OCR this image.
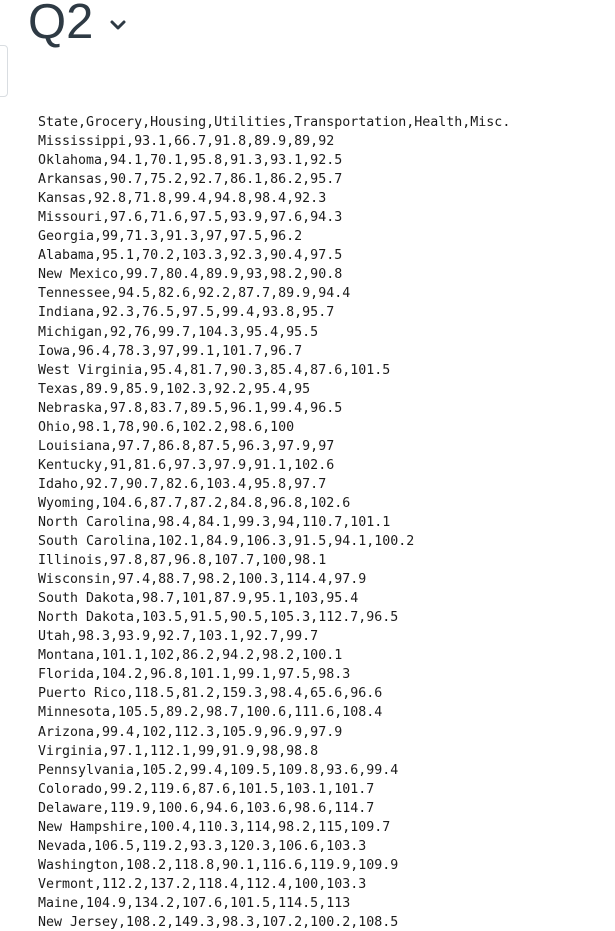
Q2
State,Grocery,Housing,Utilities,Transportation,Health,Misc.
Mississippi,93.1,66.7,91.8,89.9,89,92
Oklahoma,94.1,70.1,95.8,91.3,93.1,92.5
Arkansas,90.7,75.2,92.7,86.1,86.2,95.7
Kansas,92.8,71.8,99.4,94.8,98.4,92.3
Missouri,97.6,71.6,97.5,93.9,97.6,94.3
Georgia,99,71.3,91.3,97,97.5,96.2
Alabama,95.1,70.2,103.3,92.3,90.4,97.5
New Mexico,99.7,80.4,89.9,93,98.2,90.8
Tennessee,94.5,82.6,92.2,87.7,89.9,94.4
Indiana,92.3,76.5,97.5,99.4,93.8,95.7
Michigan,92,76,99.7,104.3,95.4,95.5
Iowa,96.4,78.3,97,99.1,101.7,96.7
West Virginia,95.4,81.7,90.3,85.4,87.6,101.5
Texas,89.9,85.9,102.3,92.2,95.4,95
Nebraska,97.8,83.7,89.5,96.1,99.4,96.5
Ohio,98.1,78,90.6,102.2,98.6,100
Louisiana,97.7,86.8,87.5,96.3,97.9,97
Kentucky,91,81.6,97.3,97.9,91.1,102.6
Idaho,92.7,90.7,82.6,103.4,95.8,97.7
Wyoming,104.6,87.7,87.2,84.8,96.8,102.6
North Carolina,98.4,84.1,99.3,94,110.7,101.1
South Carolina,102.1,84.9,106.3,91.5,94.1,100.2
Illinois,97.8,87,96.8,107.7,100,98.1
Wisconsin,97.4,88.7,98.2,100.3,114.4,97.9
South Dakota,98.7,101,87.9,95.1,103,95.4
North Dakota,103.5,91.5,90.5,105.3,112.7,96.5
Utah,98.3,93.9,92.7,103.1,92.7,99.7
Montana,101.1,102,86.2,94.2,98.2,100.1
Florida,104.2,96.8,101.1,99.1,97.5,98.3
Puerto Rico,118.5,81.2,159.3,98.4,65.6,96.6
Minnesota,105.5,89.2,98.7,100.6,111.6,108.4
Arizona,99.4,102,112.3,105.9,96.9,97.9
Virginia,97.1,112.1,99,91.9,98,98.8
Pennsylvania,105.2,99.4,109.5,109.8,93.6,99.4
Colorado,99.2,119.6,87.6,101.5,103.1,101.7
Delaware,119.9,100.6,94.6,103.6,98.6,114.7
New Hampshire,100.4,110.3,114,98.2,115,109.7
Nevada,106.5,119.2,93.3,120.3,106.6,103.3
Washington,108.2,118.8,90.1,116.6,119.9,109.9
Vermont,112.2,137.2,118.4,112.4,100,103.3
Maine,104.9,134.2,107.6,101.5,114.5,113
New Jersey,108.2,149.3,98.3,107.2,100.2,108.5
